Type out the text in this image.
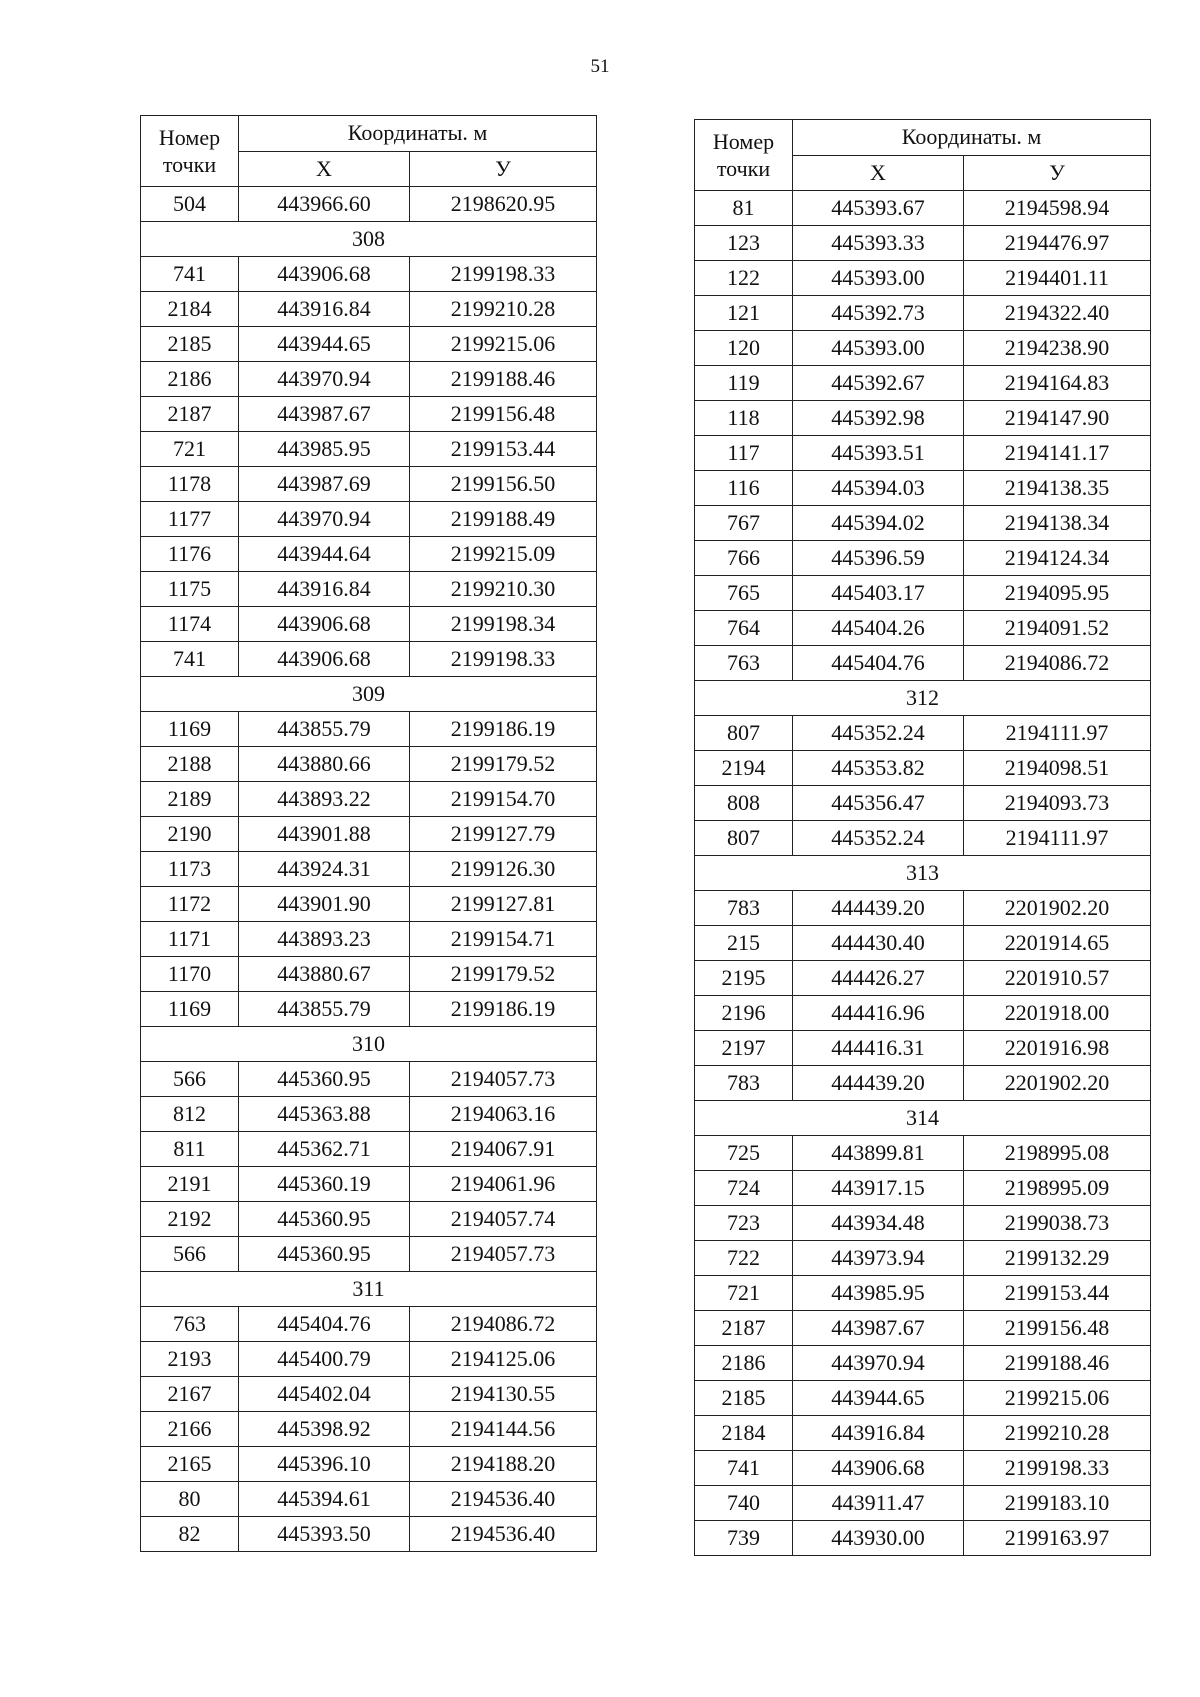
51
Номер
точки	Координаты. м	
	X	У
504	443966.60	2198620.95
308		
741	443906.68	2199198.33
2184	443916.84	2199210.28
2185	443944.65	2199215.06
2186	443970.94	2199188.46
2187	443987.67	2199156.48
721	443985.95	2199153.44
1178	443987.69	2199156.50
1177	443970.94	2199188.49
1176	443944.64	2199215.09
1175	443916.84	2199210.30
1174	443906.68	2199198.34
741	443906.68	2199198.33
309		
1169	443855.79	2199186.19
2188	443880.66	2199179.52
2189	443893.22	2199154.70
2190	443901.88	2199127.79
1173	443924.31	2199126.30
1172	443901.90	2199127.81
1171	443893.23	2199154.71
1170	443880.67	2199179.52
1169	443855.79	2199186.19
310		
566	445360.95	2194057.73
812	445363.88	2194063.16
811	445362.71	2194067.91
2191	445360.19	2194061.96
2192	445360.95	2194057.74
566	445360.95	2194057.73
311		
763	445404.76	2194086.72
2193	445400.79	2194125.06
2167	445402.04	2194130.55
2166	445398.92	2194144.56
2165	445396.10	2194188.20
80	445394.61	2194536.40
82	445393.50	2194536.40
Номер
точки	Координаты. м	
	X	У
81	445393.67	2194598.94
123	445393.33	2194476.97
122	445393.00	2194401.11
121	445392.73	2194322.40
120	445393.00	2194238.90
119	445392.67	2194164.83
118	445392.98	2194147.90
117	445393.51	2194141.17
116	445394.03	2194138.35
767	445394.02	2194138.34
766	445396.59	2194124.34
765	445403.17	2194095.95
764	445404.26	2194091.52
763	445404.76	2194086.72
312		
807	445352.24	2194111.97
2194	445353.82	2194098.51
808	445356.47	2194093.73
807	445352.24	2194111.97
313		
783	444439.20	2201902.20
215	444430.40	2201914.65
2195	444426.27	2201910.57
2196	444416.96	2201918.00
2197	444416.31	2201916.98
783	444439.20	2201902.20
314		
725	443899.81	2198995.08
724	443917.15	2198995.09
723	443934.48	2199038.73
722	443973.94	2199132.29
721	443985.95	2199153.44
2187	443987.67	2199156.48
2186	443970.94	2199188.46
2185	443944.65	2199215.06
2184	443916.84	2199210.28
741	443906.68	2199198.33
740	443911.47	2199183.10
739	443930.00	2199163.97
